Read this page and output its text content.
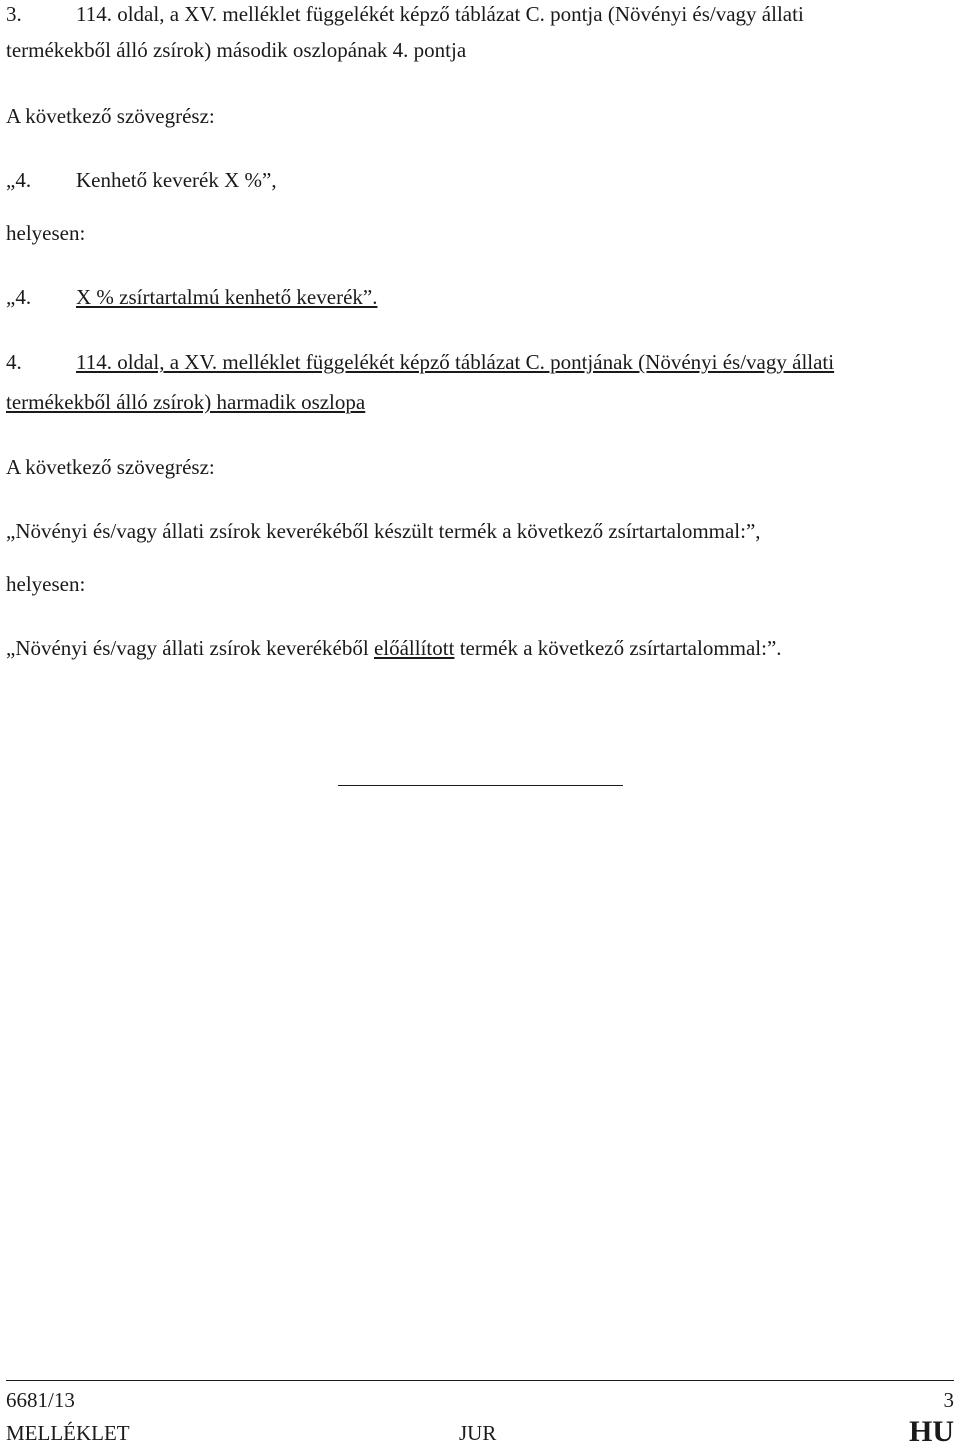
3.	114. oldal, a XV. melléklet függelékét képző táblázat C. pontja (Növényi és/vagy állati
termékekből álló zsírok) második oszlopának 4. pontja
A következő szövegrész:
„4. Kenhető keverék X %”,
helyesen:
„4. X % zsírtartalmú kenhető keverék”.
4.	114. oldal, a XV. melléklet függelékét képző táblázat C. pontjának (Növényi és/vagy állati
termékekből álló zsírok) harmadik oszlopa
A következő szövegrész:
„Növényi és/vagy állati zsírok keverékéből készült termék a következő zsírtartalommal:”,
helyesen:
„Növényi és/vagy állati zsírok keverékéből előállított termék a következő zsírtartalommal:”.
6681/13	3
MELLÉKLET	JUR	HU
